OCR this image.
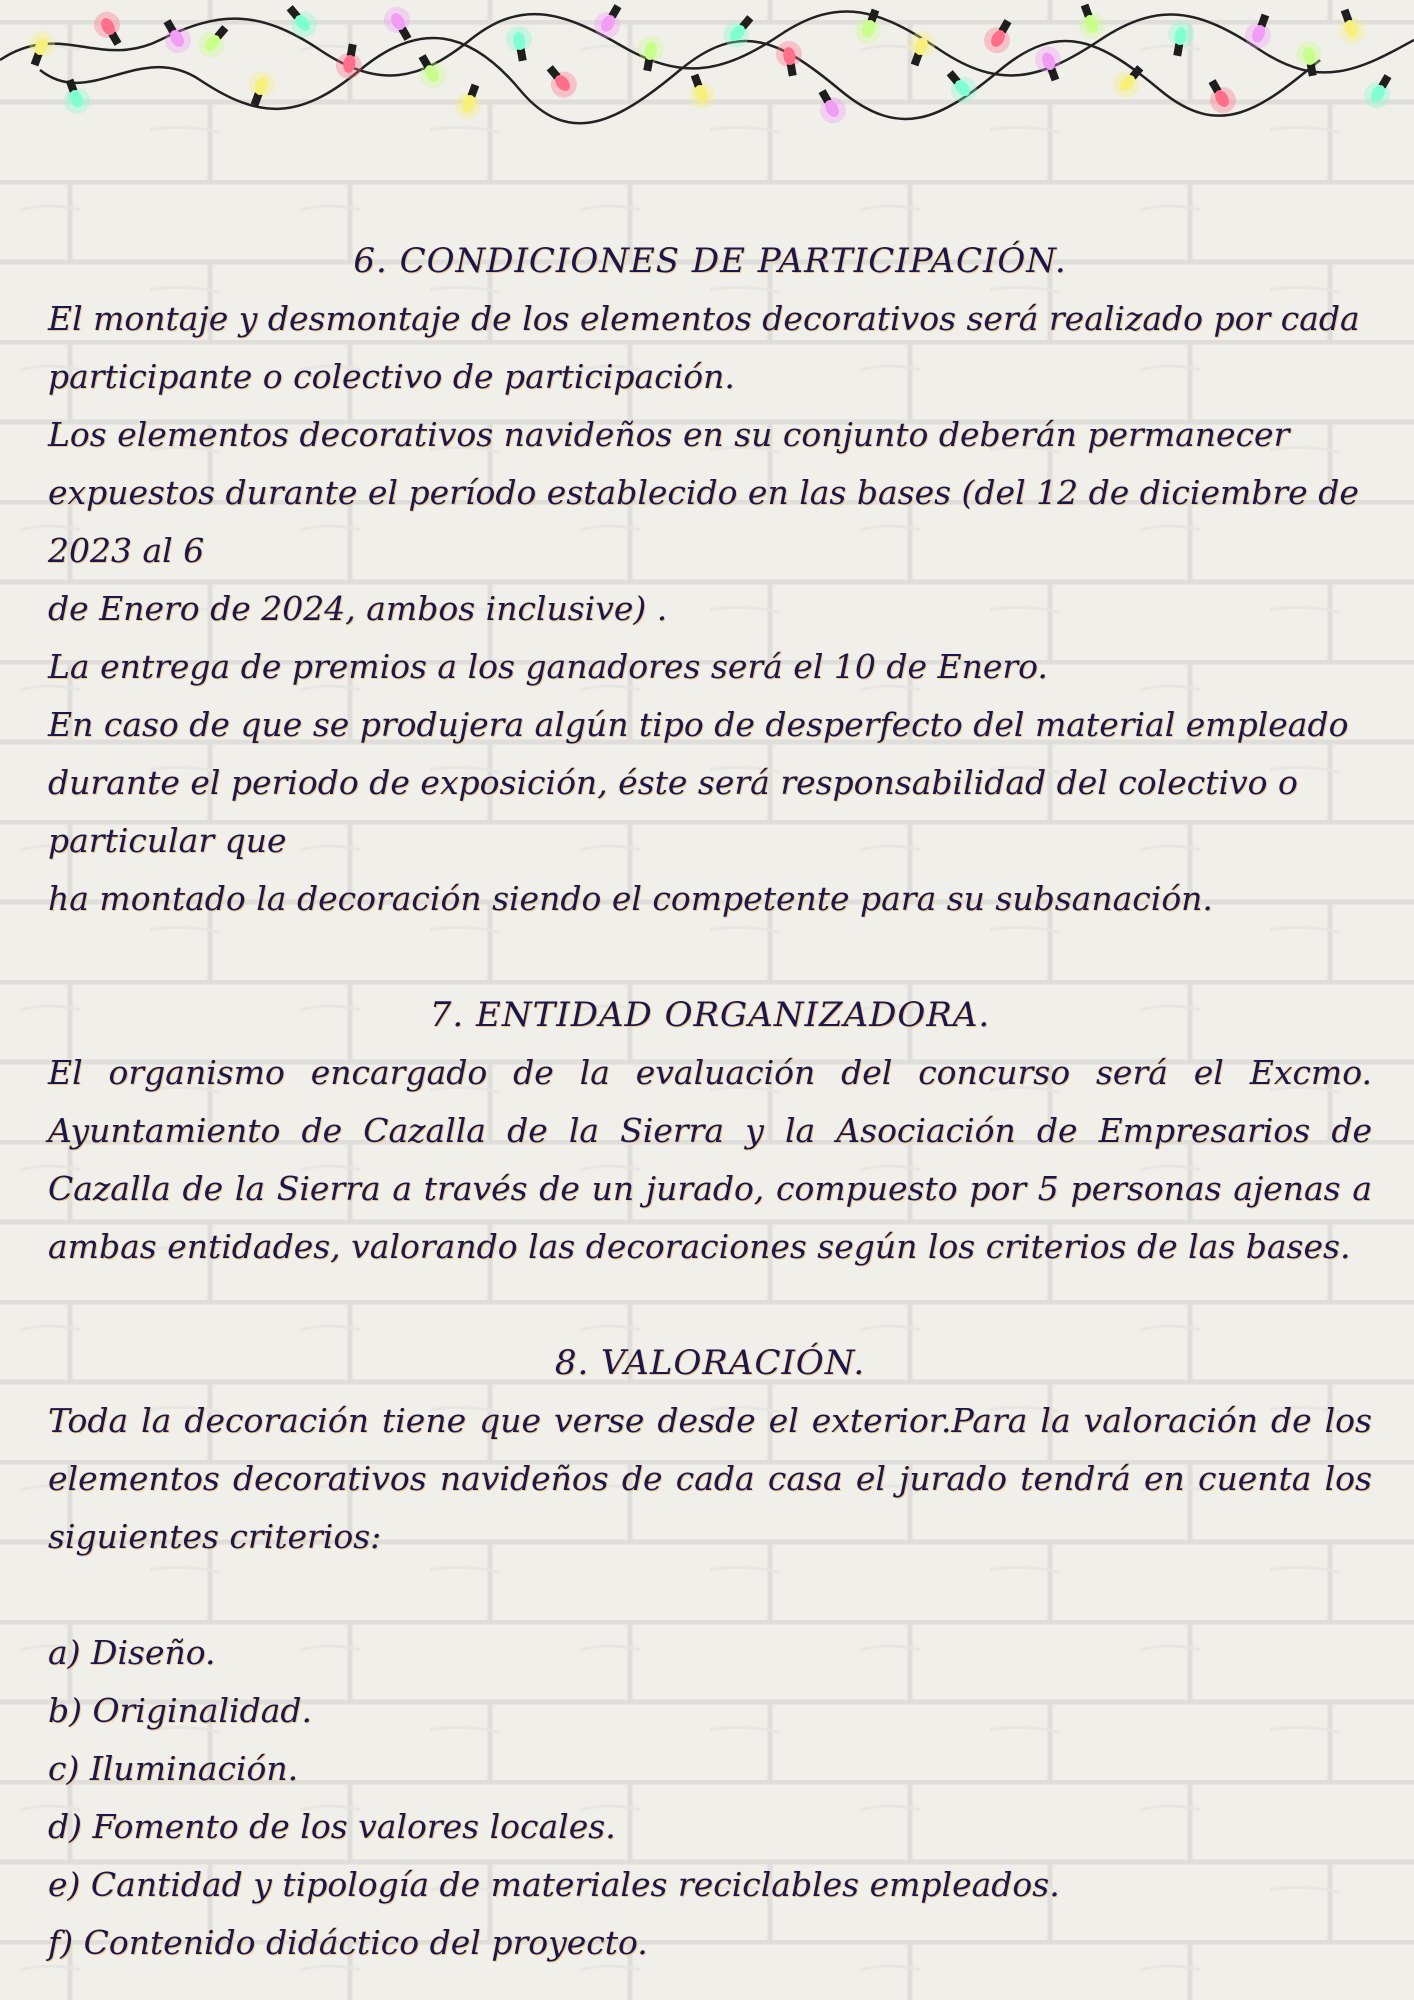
6. CONDICIONES DE PARTICIPACIÓN.

El montaje y desmontaje de los elementos decorativos será realizado por cada

participante o colectivo de participación.

Los elementos decorativos navideños en su conjunto deberán permanecer

expuestos durante el período establecido en las bases (del 12 de diciembre de 2023 al 6

de Enero de 2024, ambos inclusive) .

La entrega de premios a los ganadores será el 10 de Enero.

En caso de que se produjera algún tipo de desperfecto del material empleado

durante el periodo de exposición, éste será responsabilidad del colectivo o particular que

ha montado la decoración siendo el competente para su subsanación.

7. ENTIDAD ORGANIZADORA.

El organismo encargado de la evaluación del concurso será el Excmo. Ayuntamiento de Cazalla de la Sierra y la Asociación de Empresarios de Cazalla de la Sierra a través de un jurado, compuesto por 5 personas ajenas a ambas entidades, valorando las decoraciones según los criterios de las bases.

8. VALORACIÓN.

Toda la decoración tiene que verse desde el exterior.Para la valoración de los elementos decorativos navideños de cada casa el jurado tendrá en cuenta los siguientes criterios:

a) Diseño.

b) Originalidad.

c) Iluminación.

d) Fomento de los valores locales.

e) Cantidad y tipología de materiales reciclables empleados.

f) Contenido didáctico del proyecto.
